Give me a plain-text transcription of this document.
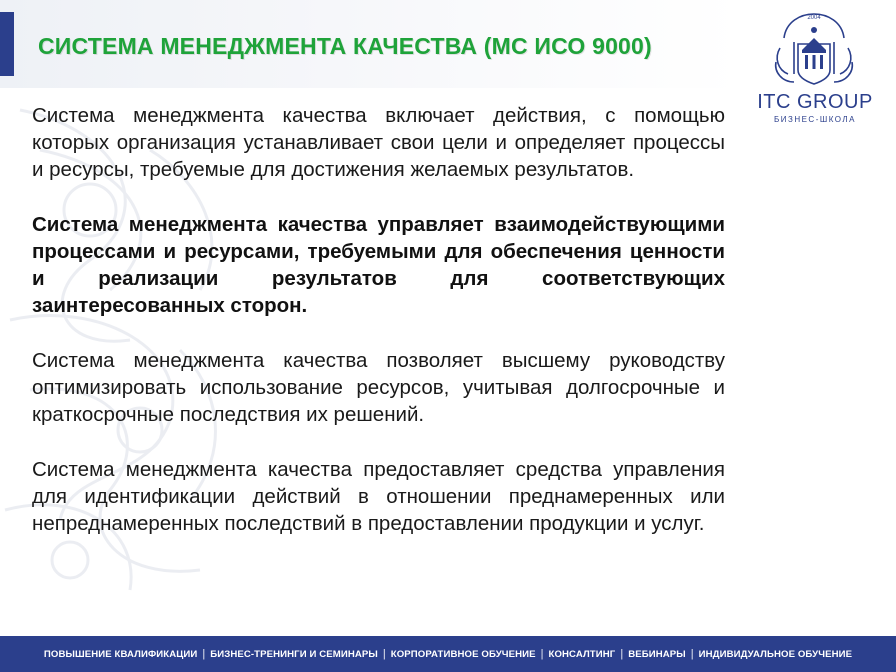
СИСТЕМА МЕНЕДЖМЕНТА КАЧЕСТВА (МС ИСО 9000)
2004
ITC GROUP
БИЗНЕС-ШКОЛА

Система менеджмента качества включает действия, с помощью которых организация устанавливает свои цели и определяет процессы и ресурсы, требуемые для достижения желаемых результатов.

Система менеджмента качества управляет взаимодействующими процессами и ресурсами, требуемыми для обеспечения ценности и реализации результатов для соответствующих заинтересованных сторон.

Система менеджмента качества позволяет высшему руководству оптимизировать использование ресурсов, учитывая долгосрочные и краткосрочные последствия их решений.

Система менеджмента качества предоставляет средства управления для идентификации действий в отношении преднамеренных или непреднамеренных последствий в предоставлении продукции и услуг.

ПОВЫШЕНИЕ КВАЛИФИКАЦИИ | БИЗНЕС-ТРЕНИНГИ И СЕМИНАРЫ | КОРПОРАТИВНОЕ ОБУЧЕНИЕ | КОНСАЛТИНГ | ВЕБИНАРЫ | ИНДИВИДУАЛЬНОЕ ОБУЧЕНИЕ
